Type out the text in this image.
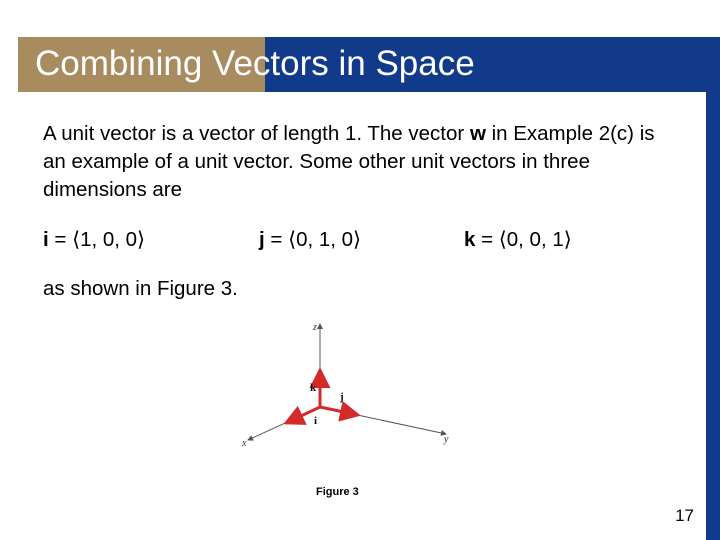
Combining Vectors in Space

A unit vector is a vector of length 1. The vector w in Example 2(c) is an example of a unit vector. Some other unit vectors in three dimensions are

i = ⟨1, 0, 0⟩	j = ⟨0, 1, 0⟩	k = ⟨0, 0, 1⟩
as shown in Figure 3.
z
x	y
k
j
i
Figure 3
17
